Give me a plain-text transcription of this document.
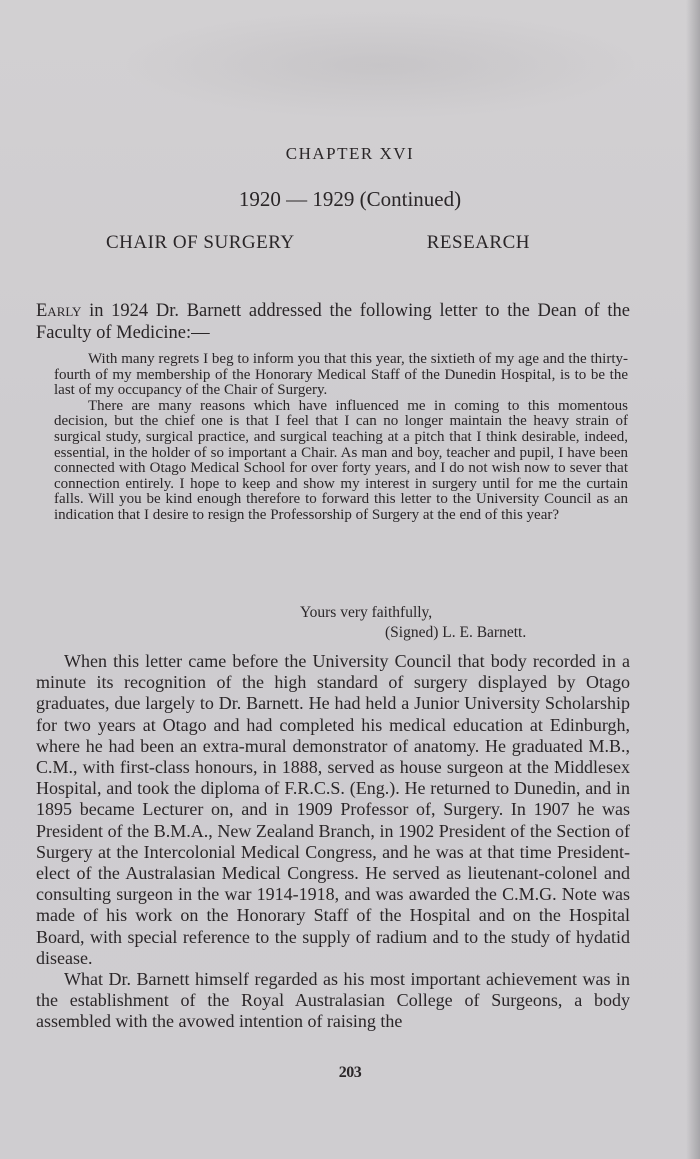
CHAPTER XVI
1920 — 1929 (Continued)
CHAIR OF SURGERY	RESEARCH
Early in 1924 Dr. Barnett addressed the following letter to the Dean of the Faculty of Medicine:—

With many regrets I beg to inform you that this year, the sixtieth of my age and the thirty-fourth of my membership of the Honorary Medical Staff of the Dunedin Hospital, is to be the last of my occupancy of the Chair of Surgery.

There are many reasons which have influenced me in coming to this momentous decision, but the chief one is that I feel that I can no longer maintain the heavy strain of surgical study, surgical practice, and surgical teaching at a pitch that I think desirable, indeed, essential, in the holder of so important a Chair. As man and boy, teacher and pupil, I have been connected with Otago Medical School for over forty years, and I do not wish now to sever that connection entirely. I hope to keep and show my interest in surgery until for me the curtain falls. Will you be kind enough therefore to forward this letter to the University Council as an indication that I desire to resign the Professorship of Surgery at the end of this year?

Yours very faithfully,
(Signed) L. E. Barnett.

When this letter came before the University Council that body recorded in a minute its recognition of the high standard of surgery displayed by Otago graduates, due largely to Dr. Barnett. He had held a Junior University Scholarship for two years at Otago and had completed his medical education at Edinburgh, where he had been an extra-mural demonstrator of anatomy. He graduated M.B., C.M., with first-class honours, in 1888, served as house surgeon at the Middlesex Hospital, and took the diploma of F.R.C.S. (Eng.). He returned to Dunedin, and in 1895 became Lecturer on, and in 1909 Professor of, Surgery. In 1907 he was President of the B.M.A., New Zealand Branch, in 1902 President of the Section of Surgery at the Intercolonial Medical Congress, and he was at that time President-elect of the Australasian Medical Congress. He served as lieutenant-colonel and consulting surgeon in the war 1914-1918, and was awarded the C.M.G. Note was made of his work on the Honorary Staff of the Hospital and on the Hospital Board, with special reference to the supply of radium and to the study of hydatid disease.

What Dr. Barnett himself regarded as his most important achievement was in the establishment of the Royal Australasian College of Surgeons, a body assembled with the avowed intention of raising the

203
